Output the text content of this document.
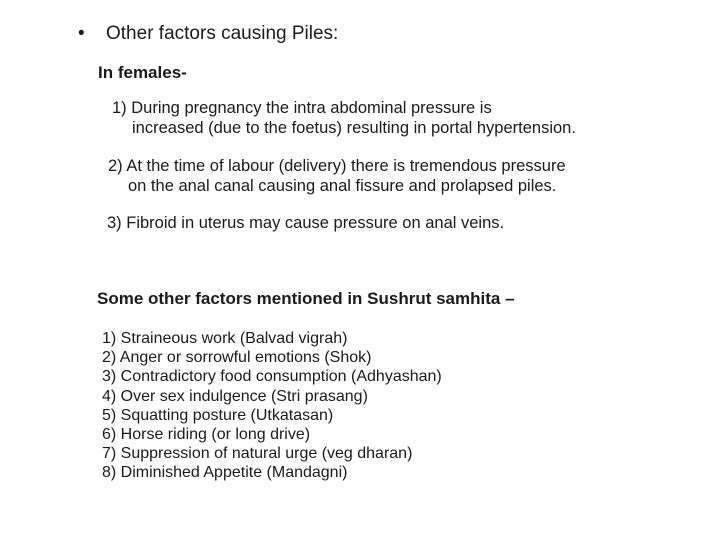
• Other factors causing Piles:
In females-
1) During pregnancy the intra abdominal pressure is
increased (due to the foetus) resulting in portal hypertension.
2) At the time of labour (delivery) there is tremendous pressure
on the anal canal causing anal fissure and prolapsed piles.
3) Fibroid in uterus may cause pressure on anal veins.
Some other factors mentioned in Sushrut samhita –
1) Straineous work (Balvad vigrah)
2) Anger or sorrowful emotions (Shok)
3) Contradictory food consumption (Adhyashan)
4) Over sex indulgence (Stri prasang)
5) Squatting posture (Utkatasan)
6) Horse riding (or long drive)
7) Suppression of natural urge (veg dharan)
8) Diminished Appetite (Mandagni)
